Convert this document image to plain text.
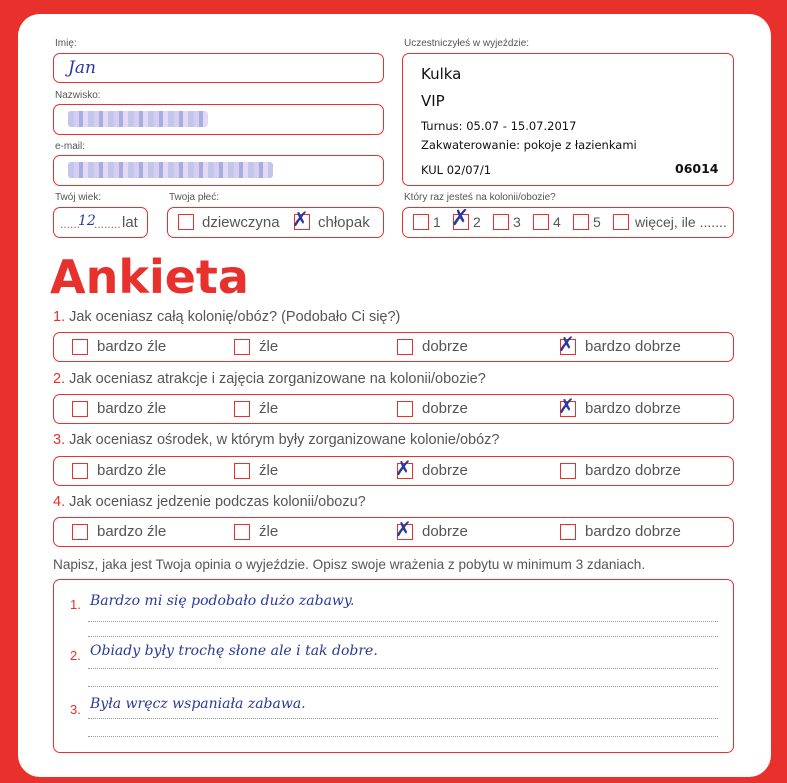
Imię:
Jan
Nazwisko:
e-mail:
Twój wiek:
......
12
........ lat
Twoja płeć:
dziewczyna ✗ chłopak
Uczestniczyłeś w wyjeździe:
Kulka
VIP
Turnus: 05.07 - 15.07.2017
Zakwaterowanie: pokoje z łazienkami
KUL 02/07/1	06014
Który raz jesteś na kolonii/obozie?
1 ✗ 2 3 4 5 więcej, ile .......
Ankieta
1. Jak oceniasz całą kolonię/obóz? (Podobało Ci się?)
bardzo źle	źle	dobrze	✗ bardzo dobrze
2. Jak oceniasz atrakcje i zajęcia zorganizowane na kolonii/obozie?
bardzo źle	źle	dobrze	✗ bardzo dobrze
3. Jak oceniasz ośrodek, w którym były zorganizowane kolonie/obóz?
bardzo źle	źle	✗ dobrze	bardzo dobrze
4. Jak oceniasz jedzenie podczas kolonii/obozu?
bardzo źle	źle	✗ dobrze	bardzo dobrze
Napisz, jaka jest Twoja opinia o wyjeździe. Opisz swoje wrażenia z pobytu w minimum 3 zdaniach.
1. Bardzo mi się podobało dużo zabawy.
2. Obiady były trochę słone ale i tak dobre.
3. Była wręcz wspaniała zabawa.
